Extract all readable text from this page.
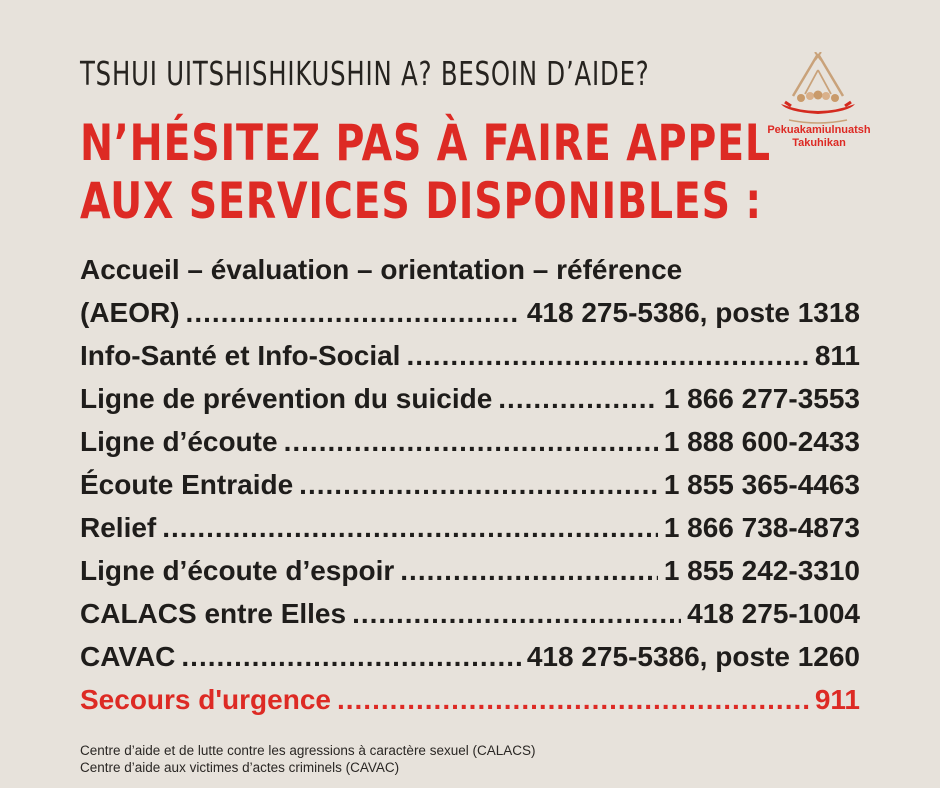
TSHUI UITSHISHIKUSHIN A? BESOIN D’AIDE?
N’HÉSITEZ PAS À FAIRE APPEL
AUX SERVICES DISPONIBLES :
Pekuakamiulnuatsh
Takuhikan
Accueil – évaluation – orientation – référence
(AEOR) .....	418 275-5386, poste 1318
Info-Santé et Info-Social .....	811
Ligne de prévention du suicide .....	1 866 277-3553
Ligne d’écoute .....	1 888 600-2433
Écoute Entraide .....	1 855 365-4463
Relief .....	1 866 738-4873
Ligne d’écoute d’espoir .....	1 855 242-3310
CALACS entre Elles .....	418 275-1004
CAVAC .....	418 275-5386, poste 1260
Secours d'urgence .....	911
Centre d’aide et de lutte contre les agressions à caractère sexuel (CALACS)
Centre d’aide aux victimes d’actes criminels (CAVAC)
